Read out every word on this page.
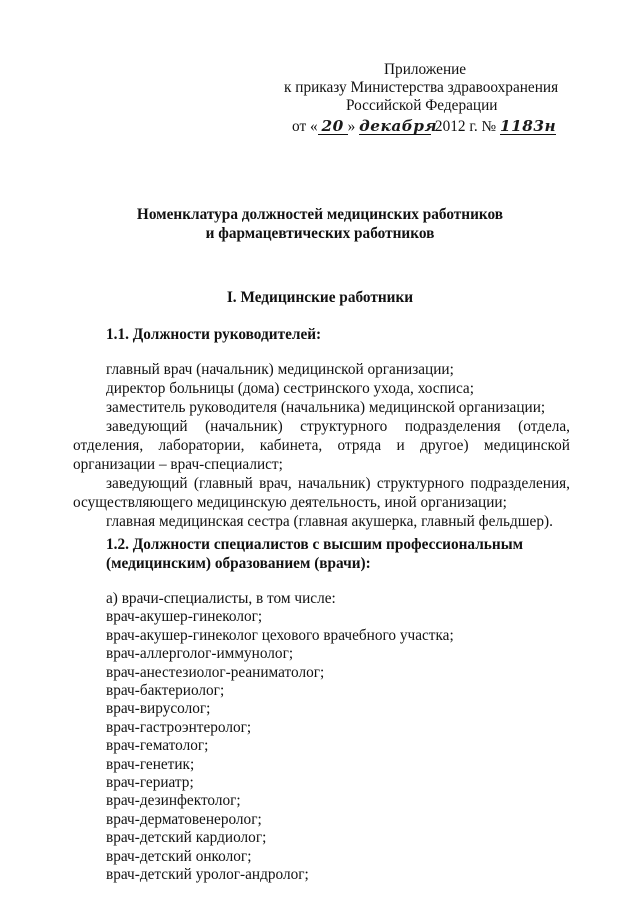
Приложение
к приказу Министерства здравоохранения
Российской Федерации
от « 20 » декабря 2012 г. № 1183н
Номенклатура должностей медицинских работников
и фармацевтических работников
I. Медицинские работники
1.1. Должности руководителей:

главный врач (начальник) медицинской организации;

директор больницы (дома) сестринского ухода, хосписа;

заместитель руководителя (начальника) медицинской организации;

заведующий (начальник) структурного подразделения (отдела, отделения, лаборатории, кабинета, отряда и другое) медицинской организации – врач-специалист;

заведующий (главный врач, начальник) структурного подразделения, осуществляющего медицинскую деятельность, иной организации;

главная медицинская сестра (главная акушерка, главный фельдшер).

1.2. Должности специалистов с высшим профессиональным
(медицинским) образованием (врачи):
а) врачи-специалисты, в том числе:
врач-акушер-гинеколог;
врач-акушер-гинеколог цехового врачебного участка;
врач-аллерголог-иммунолог;
врач-анестезиолог-реаниматолог;
врач-бактериолог;
врач-вирусолог;
врач-гастроэнтеролог;
врач-гематолог;
врач-генетик;
врач-гериатр;
врач-дезинфектолог;
врач-дерматовенеролог;
врач-детский кардиолог;
врач-детский онколог;
врач-детский уролог-андролог;
